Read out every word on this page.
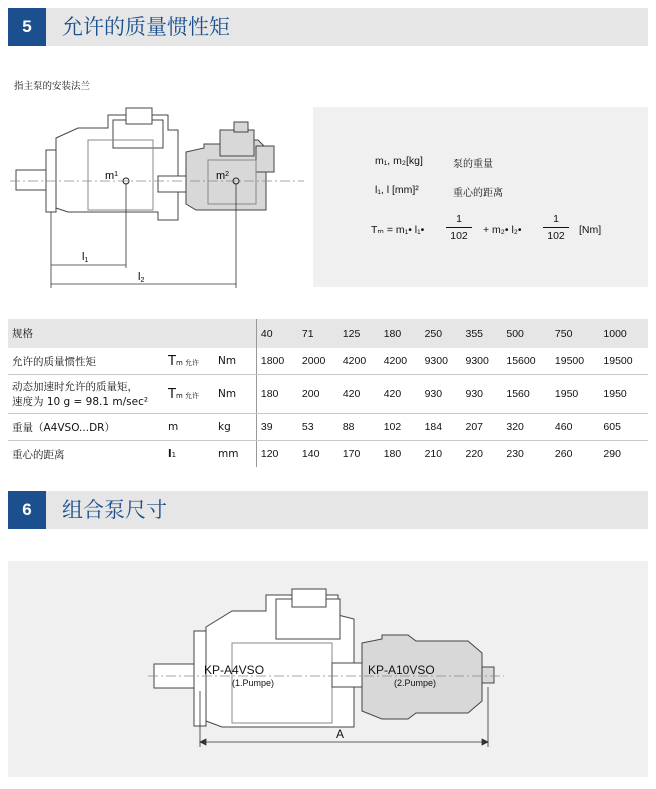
5	允许的质量惯性矩
指主泵的安装法兰
$m^1$	$m^2$
l1
l2
m₁, m₂[kg]	泵的重量
l₁, l [mm]²	重心的距离
Tₘ = m₁• l₁•
1
102	+ m₂• l₂•
1
102	[Nm]
规格			40	71	125	180	250	355	500	750	1000
允许的质量惯性矩	Tm 允许	Nm	1800	2000	4200	4200	9300	9300	15600	19500	19500

动态加速时允许的质量矩，
速度为 10 g = 98.1 m/sec²	Tm 允许	Nm	180	200	420	420	930	930	1560	1950	1950
重量（A4VSO...DR）	m	kg	39	53	88	102	184	207	320	460	605
重心的距离	l1	mm	120	140	170	180	210	220	230	260	290
6	组合泵尺寸
KP-A4VSO
(1.Pumpe)
KP-A10VSO
(2.Pumpe)
A
